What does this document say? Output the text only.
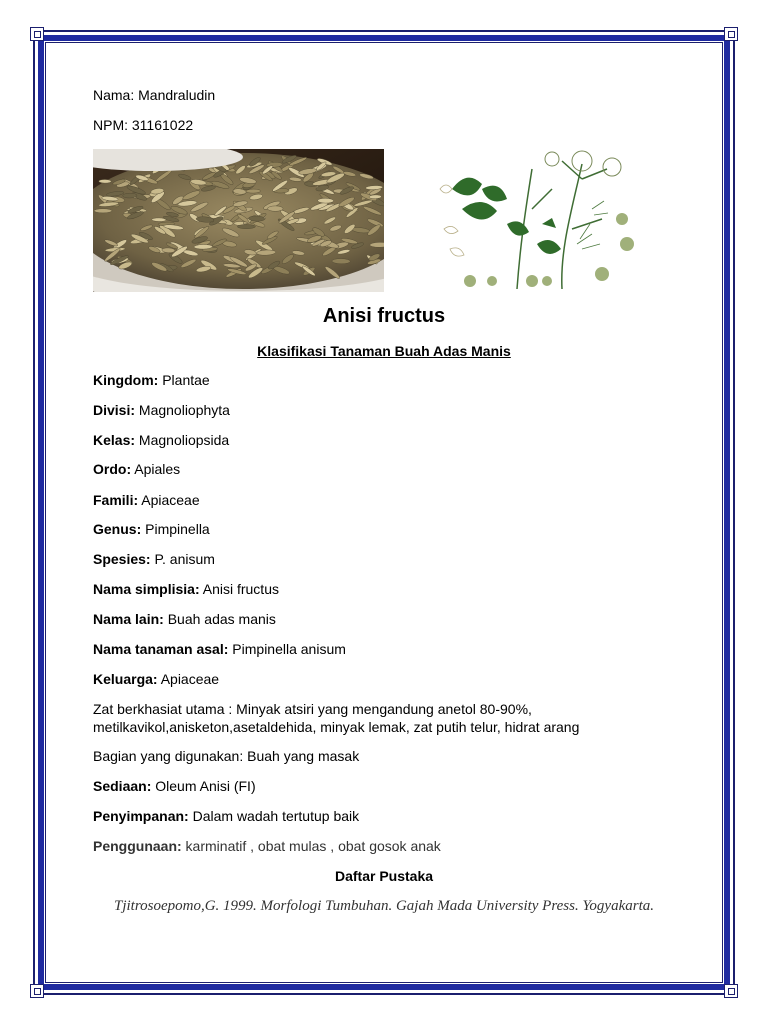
Nama: Mandraludin
NPM: 31161022
Anisi fructus
Klasifikasi Tanaman Buah Adas Manis
Kingdom: Plantae
Divisi: Magnoliophyta
Kelas: Magnoliopsida
Ordo: Apiales
Famili: Apiaceae
Genus: Pimpinella
Spesies: P. anisum
Nama simplisia: Anisi fructus
Nama lain: Buah adas manis
Nama tanaman asal: Pimpinella anisum
Keluarga: Apiaceae
Zat berkhasiat utama : Minyak atsiri yang mengandung anetol 80-90%,
metilkavikol,anisketon,asetaldehida, minyak lemak, zat putih telur, hidrat arang
Bagian yang digunakan: Buah yang masak
Sediaan: Oleum Anisi (FI)
Penyimpanan: Dalam wadah tertutup baik
Penggunaan: karminatif , obat mulas , obat gosok anak
Daftar Pustaka
Tjitrosoepomo,G. 1999. Morfologi Tumbuhan. Gajah Mada University Press. Yogyakarta.
